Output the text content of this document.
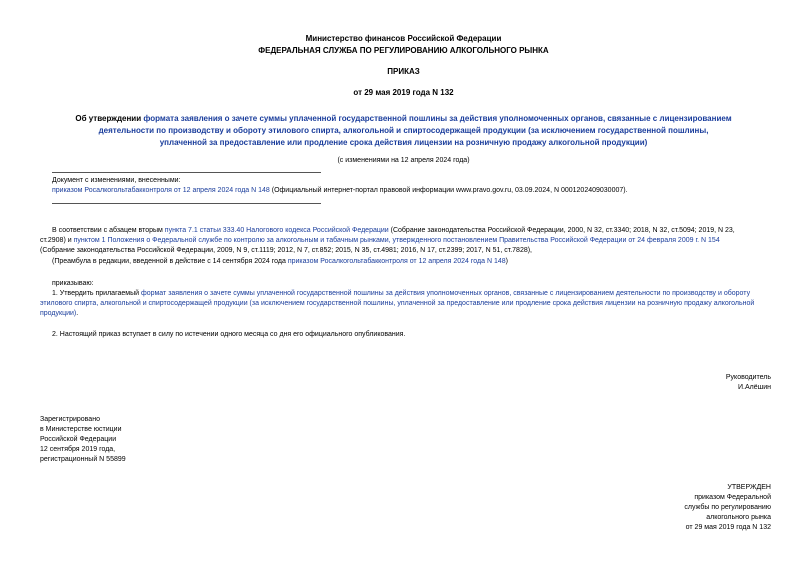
Министерство финансов Российской Федерации
ФЕДЕРАЛЬНАЯ СЛУЖБА ПО РЕГУЛИРОВАНИЮ АЛКОГОЛЬНОГО РЫНКА
ПРИКАЗ
от 29 мая 2019 года N 132
Об утверждении формата заявления о зачете суммы уплаченной государственной пошлины за действия уполномоченных органов, связанные с лицензированием
деятельности по производству и обороту этилового спирта, алкогольной и спиртосодержащей продукции (за исключением государственной пошлины,
уплаченной за предоставление или продление срока действия лицензии на розничную продажу алкогольной продукции)
(с изменениями на 12 апреля 2024 года)
Документ с изменениями, внесенными:
приказом Росалкогольтабакконтроля от 12 апреля 2024 года N 148 (Официальный интернет-портал правовой информации www.pravo.gov.ru, 03.09.2024, N 0001202409030007).
В соответствии с абзацем вторым пункта 7.1 статьи 333.40 Налогового кодекса Российской Федерации (Собрание законодательства Российской Федерации, 2000, N 32, ст.3340; 2018, N 32, ст.5094; 2019, N 23,
ст.2908) и пунктом 1 Положения о Федеральной службе по контролю за алкогольным и табачным рынками, утвержденного постановлением Правительства Российской Федерации от 24 февраля 2009 г. N 154
(Собрание законодательства Российской Федерации, 2009, N 9, ст.1119; 2012, N 7, ст.852; 2015, N 35, ст.4981; 2016, N 17, ст.2399; 2017, N 51, ст.7828),
(Преамбула в редакции, введенной в действие с 14 сентября 2024 года приказом Росалкогольтабакконтроля от 12 апреля 2024 года N 148)
приказываю:
1. Утвердить прилагаемый формат заявления о зачете суммы уплаченной государственной пошлины за действия уполномоченных органов, связанные с лицензированием деятельности по производству и обороту
этилового спирта, алкогольной и спиртосодержащей продукции (за исключением государственной пошлины, уплаченной за предоставление или продление срока действия лицензии на розничную продажу алкогольной
продукции).
2. Настоящий приказ вступает в силу по истечении одного месяца со дня его официального опубликования.
Руководитель
И.Алёшин
Зарегистрировано
в Министерстве юстиции
Российской Федерации
12 сентября 2019 года,
регистрационный N 55899
УТВЕРЖДЕН
приказом Федеральной
службы по регулированию
алкогольного рынка
от 29 мая 2019 года N 132
